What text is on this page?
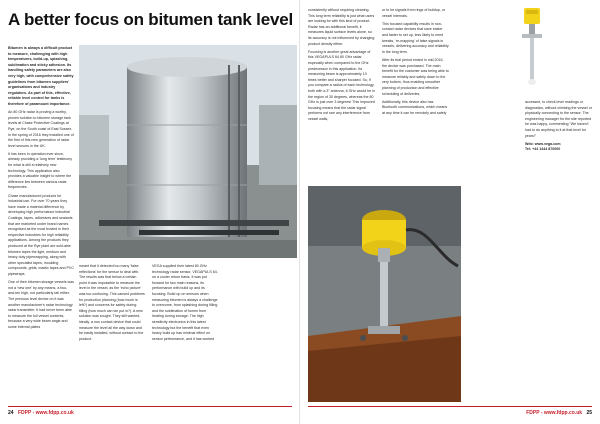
A better focus on bitumen tank level

Bitumen is always a difficult product to measure, challenging with high temperatures, build-up, splashing, sublimation and sticky adhesion. Its handling safety parameters are also very high, with comprehensive safety guidelines from bitumen suppliers' organisations and industry regulators. As part of this, effective, reliable level control for tanks is therefore of paramount importance.

An 80 GHz radar is proving a worthy, proven solution to bitumen storage tank levels at Chase Protective Coatings at Rye, on the South coast of East Sussex. In the spring of 2016 they installed one of the first of this new generation of radar level sensors in the UK.

It has been in operation ever since, already providing a 'long term' testimony for what is still a relatively new technology. This application also provides a valuable insight to where the difference lies between various radar frequencies.

Chase manufactured products for industrial use. For over 70 years they have made a material difference by developing high performance industrial Coatings, tapes, adhesives and sealants that are marketed under brand names recognised as the most trusted in their respective industries for high reliability applications. Among the products they produced at the Rye plant are sold-able bitumen tapes the light, medium and heavy duty pipewrapping, along with other specialist tapes, moulding compounds, grids, mastic tapes and PVC pipewraps.

One of their bitumen storage vessels was not a 'new one' by any means, a two-and-ten high, not particularly tall either. The previous level device on it was another manufacturer's radar technology radar transmitter. It had never been able to measure the full vessel contents, because a very wide beam angle and some internal plates

meant that it detected too many 'false reflections' for the sensor to deal with. The results was that below a certain point it was impossible to measure the level in the vessel, as the 'echo picture' was too confusing. This caused problems for production planning (how much is left?) and concerns for safety during filling (how much can we put in?). A new solution was sought. They still wanted, ideally, a non contact device that could measure the level all the way down and be easily installed, without contact to the product.

VEGA supplied their latest 80 GHz technology radar sensor, VEGAPULS 64, on a cooler return basis. It was put forward for two main reasons, its performance with build up and its focusing. Build up on sensors when measuring bitumen is always a challenge to overcome, from splashing during filling and the sublimation of fumes from heating during storage. The high sensitivity electronics in this latest technology but the benefit that even heavy build up has minimal effect on sensor performance, and it has worked

24 FDPP - www.fdpp.co.uk

consistently without requiring cleaning. This long term reliability is just what users are looking for with this kind of product. Radar has an additional benefit, it measures liquid surface levels alone, so its accuracy is not influenced by changing product density either.

Focusing is another great advantage of this VEGAPULS 64 80 GHz radar, especially when compared to the GHz predecessor in this application. Its measuring beam is approximately 10 times better and sharper focused. So, if you compare a radius of each technology, both with a 3" antenna, 6 GHz would be in the region of 30 degrees, whereas the 80 GHz is just over 3 degrees! This improved focusing means that the radar signal performs not see any interference from vessel walls,

or to be signals from rings of buildup, or vessel internals.

This focused capability results in non-contact radar devices that save easier and faster to set up, less likely to need tweaks, 're-mapping' of false signals in vessels, delivering accuracy and reliability in the long term.

After its trial period ended in mid 2016, the device was purchased. The main benefit for the customer was being able to measure reliably and safely down to the very bottom, thus enabling smoother planning of production and effective scheduling of deliveries.

Additionally, this device also has Bluetooth communications, which means at any time it can be remotely and safely

accessed, to check level readings or diagnostics, without climbing the vessel or physically connecting to the sensor. The engineering manager for the site reported he was happy, commenting "We haven't had to do anything to it at that level for years!"

Web: www.vega.com

Tel: +44 1444 870000

FDPP - www.fdpp.co.uk 25
